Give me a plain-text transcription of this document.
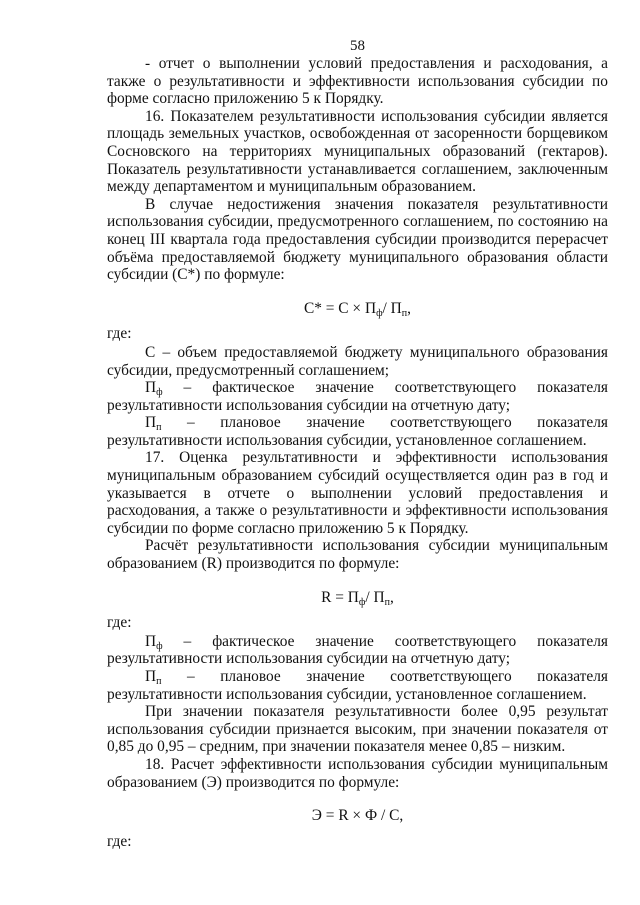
58

- отчет о выполнении условий предоставления и расходования, а также о результативности и эффективности использования субсидии по форме согласно приложению 5 к Порядку.

16. Показателем результативности использования субсидии является площадь земельных участков, освобожденная от засоренности борщевиком Сосновского на территориях муниципальных образований (гектаров). Показатель результативности устанавливается соглашением, заключенным между департаментом и муниципальным образованием.

В случае недостижения значения показателя результативности использования субсидии, предусмотренного соглашением, по состоянию на конец III квартала года предоставления субсидии производится перерасчет объёма предоставляемой бюджету муниципального образования области субсидии (С*) по формуле:

$С* = С \times П_ф/$ $П_п$,

где:

С – объем предоставляемой бюджету муниципального образования субсидии, предусмотренный соглашением;

$П_ф$ – фактическое значение соответствующего показателя результативности использования субсидии на отчетную дату;

$П_п$ – плановое значение соответствующего показателя результативности использования субсидии, установленное соглашением.

17. Оценка результативности и эффективности использования муниципальным образованием субсидий осуществляется один раз в год и указывается в отчете о выполнении условий предоставления и расходования, а также о результативности и эффективности использования субсидии по форме согласно приложению 5 к Порядку.

Расчёт результативности использования субсидии муниципальным образованием (R) производится по формуле:

$R = П_ф/$ $П_п$,

где:

$П_ф$ – фактическое значение соответствующего показателя результативности использования субсидии на отчетную дату;

$П_п$ – плановое значение соответствующего показателя результативности использования субсидии, установленное соглашением.

При значении показателя результативности более 0,95 результат использования субсидии признается высоким, при значении показателя от 0,85 до 0,95 – средним, при значении показателя менее 0,85 – низким.

18. Расчет эффективности использования субсидии муниципальным образованием (Э) производится по формуле:

Э = R × Ф / С,

где:
